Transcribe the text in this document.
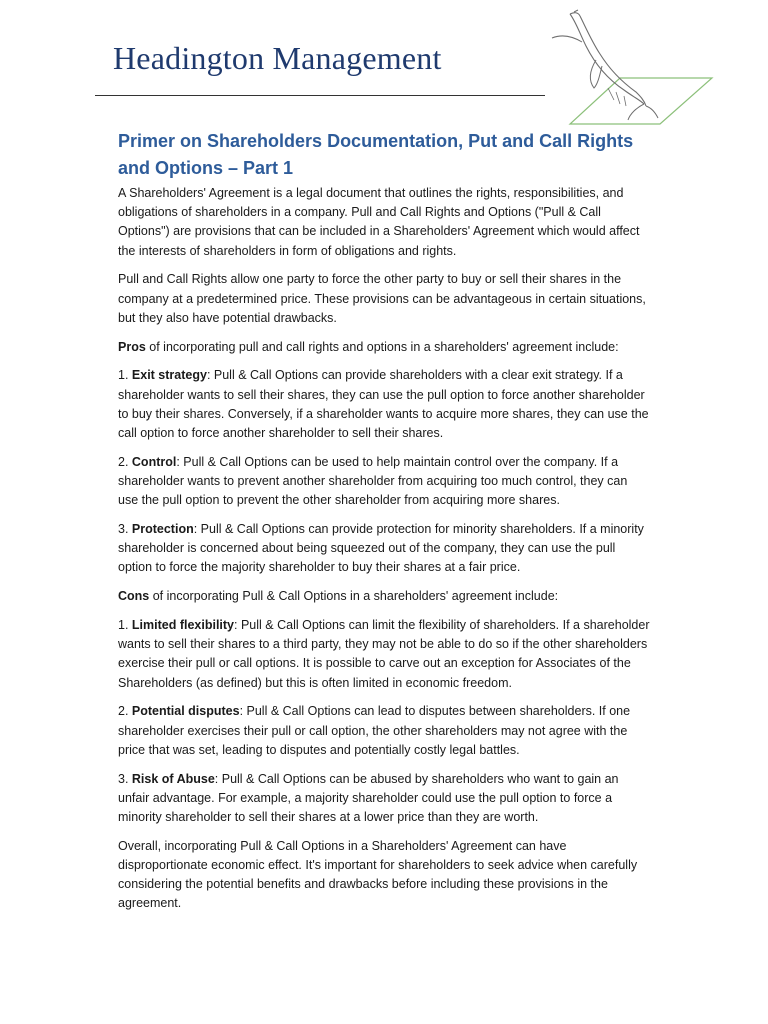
Headington Management
Primer on Shareholders Documentation, Put and Call Rights and Options – Part 1

A Shareholders' Agreement is a legal document that outlines the rights, responsibilities, and obligations of shareholders in a company. Pull and Call Rights and Options ("Pull & Call Options") are provisions that can be included in a Shareholders' Agreement which would affect the interests of shareholders in form of obligations and rights.

Pull and Call Rights allow one party to force the other party to buy or sell their shares in the company at a predetermined price. These provisions can be advantageous in certain situations, but they also have potential drawbacks.

Pros of incorporating pull and call rights and options in a shareholders' agreement include:

1. Exit strategy: Pull & Call Options can provide shareholders with a clear exit strategy. If a shareholder wants to sell their shares, they can use the pull option to force another shareholder to buy their shares. Conversely, if a shareholder wants to acquire more shares, they can use the call option to force another shareholder to sell their shares.

2. Control: Pull & Call Options can be used to help maintain control over the company. If a shareholder wants to prevent another shareholder from acquiring too much control, they can use the pull option to prevent the other shareholder from acquiring more shares.

3. Protection: Pull & Call Options can provide protection for minority shareholders. If a minority shareholder is concerned about being squeezed out of the company, they can use the pull option to force the majority shareholder to buy their shares at a fair price.

Cons of incorporating Pull & Call Options in a shareholders' agreement include:

1. Limited flexibility: Pull & Call Options can limit the flexibility of shareholders. If a shareholder wants to sell their shares to a third party, they may not be able to do so if the other shareholders exercise their pull or call options. It is possible to carve out an exception for Associates of the Shareholders (as defined) but this is often limited in economic freedom.

2. Potential disputes: Pull & Call Options can lead to disputes between shareholders. If one shareholder exercises their pull or call option, the other shareholders may not agree with the price that was set, leading to disputes and potentially costly legal battles.

3. Risk of Abuse: Pull & Call Options can be abused by shareholders who want to gain an unfair advantage. For example, a majority shareholder could use the pull option to force a minority shareholder to sell their shares at a lower price than they are worth.

Overall, incorporating Pull & Call Options in a Shareholders' Agreement can have disproportionate economic effect. It's important for shareholders to seek advice when carefully considering the potential benefits and drawbacks before including these provisions in the agreement.
